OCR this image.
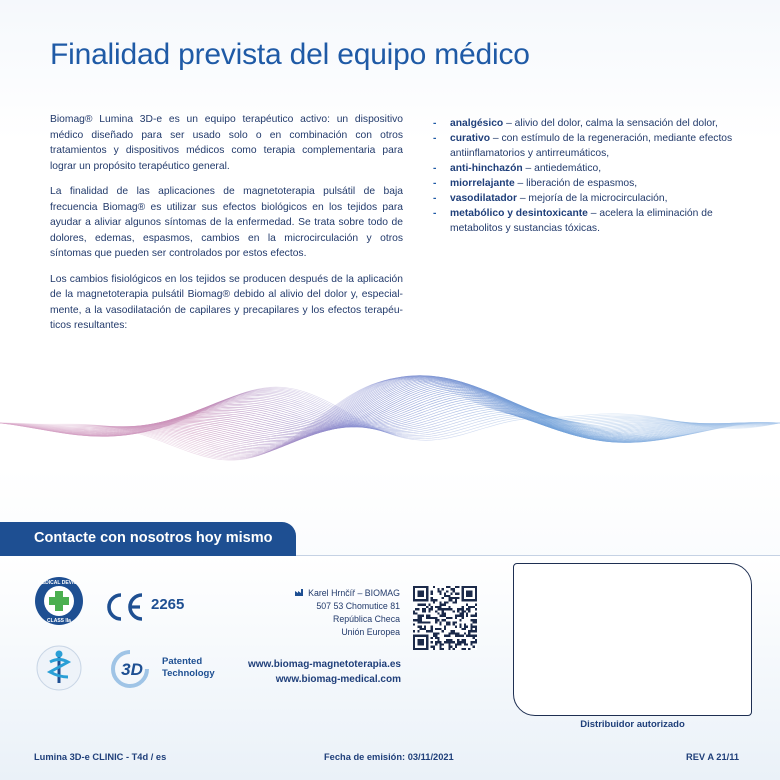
Finalidad prevista del equipo médico

Biomag® Lumina 3D-e es un equipo terapéutico activo: un dispositivo médico diseñado para ser usado solo o en combinación con otros tratamientos y dispositivos médicos como terapia complementaria para lograr un propósito terapéutico general.

La finalidad de las aplicaciones de magnetoterapia pulsátil de baja frecuencia Biomag® es utilizar sus efectos biológicos en los tejidos para ayudar a aliviar algunos síntomas de la enfermedad. Se trata sobre todo de dolores, edemas, espasmos, cambios en la microcirculación y otros síntomas que pueden ser controlados por estos efectos.

Los cambios fisiológicos en los tejidos se producen después de la aplicación de la magnetoterapia pulsátil Biomag® debido al alivio del dolor y, especial-mente, a la vasodilatación de capilares y precapilares y los efectos terapéu-ticos resultantes:

- analgésico – alivio del dolor, calma la sensación del dolor,
- curativo – con estímulo de la regeneración, mediante efectos antiinflamatorios y antirreumáticos,
- anti-hinchazón – antiedemático,
- miorrelajante – liberación de espasmos,
- vasodilatador – mejoría de la microcirculación,
- metabólico y desintoxicante – acelera la eliminación de metabolitos y sustancias tóxicas.
Contacte con nosotros hoy mismo
MEDICAL DEVICE
CLASS IIa
2265
3D Patented
Technology
Karel Hrnčíř – BIOMAG
507 53 Chomutice 81
República Checa
Unión Europea
www.biomag-magnetoterapia.es
www.biomag-medical.com
Distribuidor autorizado
Lumina 3D-e CLINIC - T4d / es	Fecha de emisión: 03/11/2021	REV A 21/11
